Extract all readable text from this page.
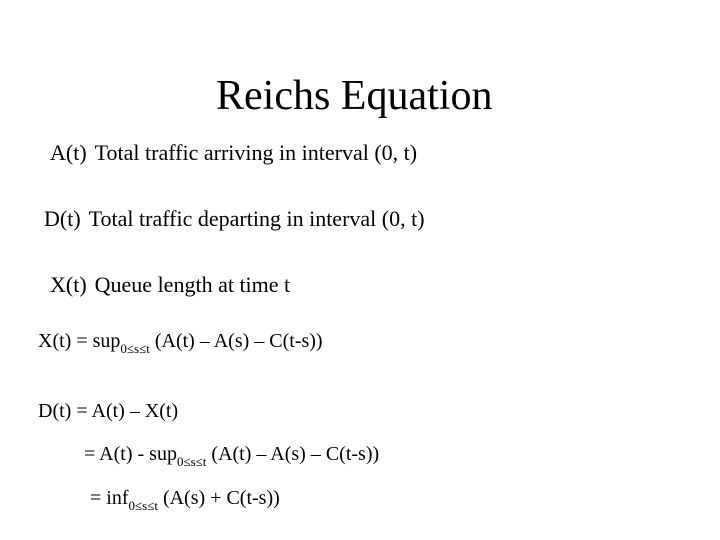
Reichs Equation
A(t) Total traffic arriving in interval (0, t)
D(t) Total traffic departing in interval (0, t)
X(t) Queue length at time t
X(t) = sup$_{0\le s\le t}$ (A(t) – A(s) – C(t-s))
D(t) = A(t) – X(t)
= A(t) - sup$_{0\le s\le t}$ (A(t) – A(s) – C(t-s))
= inf$_{0\le s\le t}$ (A(s) + C(t-s))
